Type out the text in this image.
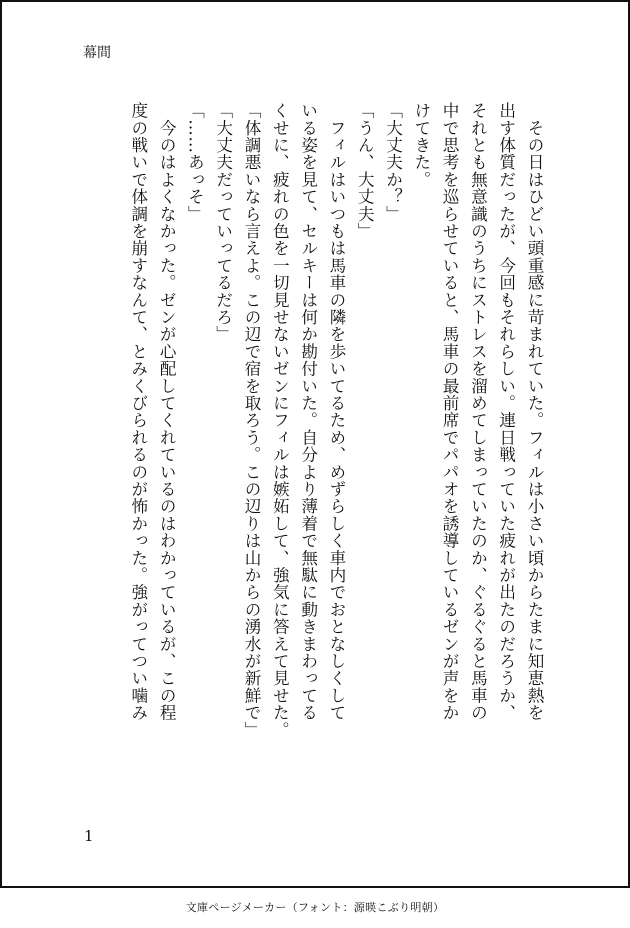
幕間

　その日はひどい頭重感に苛まれていた。フィルは小さい頃からたまに知恵熱を

出す体質だったが、今回もそれらしい。連日戦っていた疲れが出たのだろうか、

それとも無意識のうちにストレスを溜めてしまっていたのか、ぐるぐると馬車の

中で思考を巡らせていると、馬車の最前席でパパオを誘導しているゼンが声をか

けてきた。

「大丈夫か？」

「うん、大丈夫」

　フィルはいつもは馬車の隣を歩いてるため、めずらしく車内でおとなしくして

いる姿を見て、セルキーは何か勘付いた。自分より薄着で無駄に動きまわってる

くせに、疲れの色を一切見せないゼンにフィルは嫉妬して、強気に答えて見せた。

「体調悪いなら言えよ。この辺で宿を取ろう。この辺りは山からの湧水が新鮮で」

「大丈夫だっていってるだろ」

「……あっそ」

　今のはよくなかった。ゼンが心配してくれているのはわかっているが、この程

度の戦いで体調を崩すなんて、とみくびられるのが怖かった。強がってつい噛み

1
文庫ページメーカー（フォント：源暎こぶり明朝）
